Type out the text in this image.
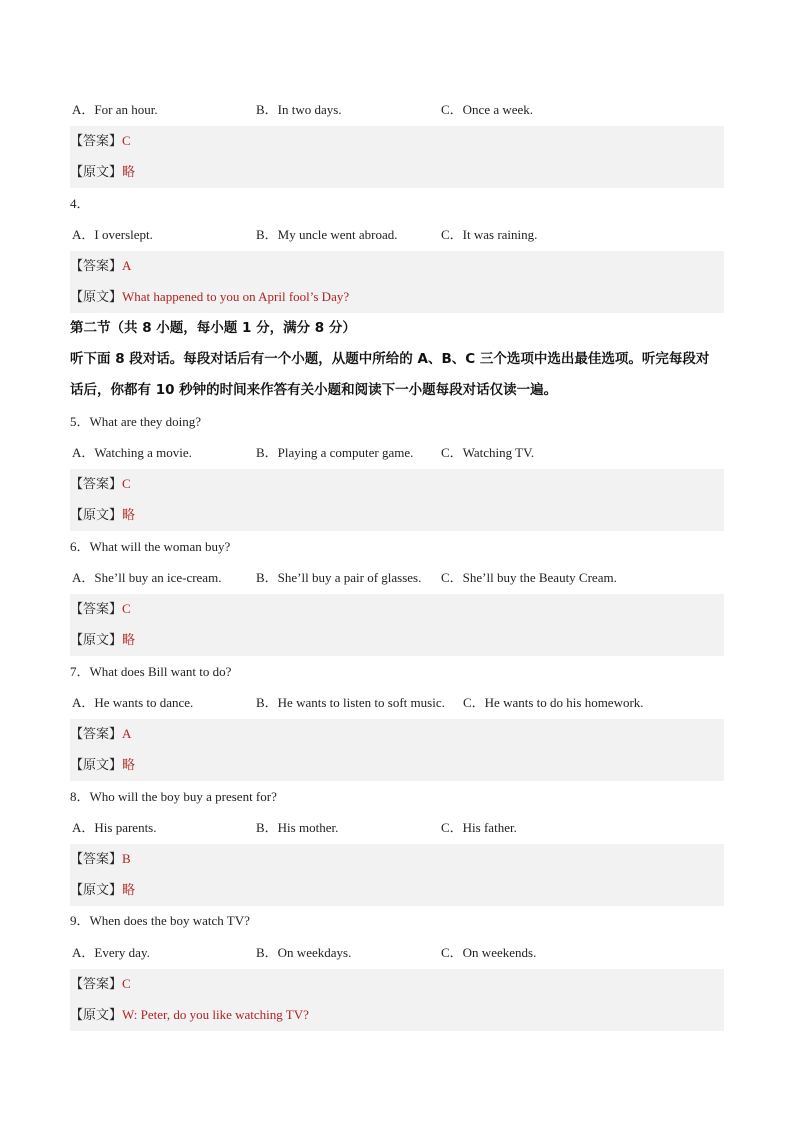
A．For an hour.	B．In two days.	C．Once a week.
【答案】C
【原文】略
4．
A．I overslept.	B．My uncle went abroad.	C．It was raining.
【答案】A
【原文】What happened to you on April fool’s Day?
第二节（共 8 小题，每小题 1 分，满分 8 分）
听下面 8 段对话。每段对话后有一个小题，从题中所给的 A、B、C 三个选项中选出最佳选项。听完每段对
话后，你都有 10 秒钟的时间来作答有关小题和阅读下一小题每段对话仅读一遍。
5．What are they doing?
A．Watching a movie.	B．Playing a computer game. C．Watching TV.
【答案】C
【原文】略
6．What will the woman buy?
A．She’ll buy an ice-cream.	B．She’ll buy a pair of glasses. C．She’ll buy the Beauty Cream.
【答案】C
【原文】略
7．What does Bill want to do?
A．He wants to dance.	B．He wants to listen to soft music. C．He wants to do his homework.
【答案】A
【原文】略
8．Who will the boy buy a present for?
A．His parents.	B．His mother.	C．His father.
【答案】B
【原文】略
9．When does the boy watch TV?
A．Every day.	B．On weekdays.	C．On weekends.
【答案】C
【原文】W: Peter, do you like watching TV?
